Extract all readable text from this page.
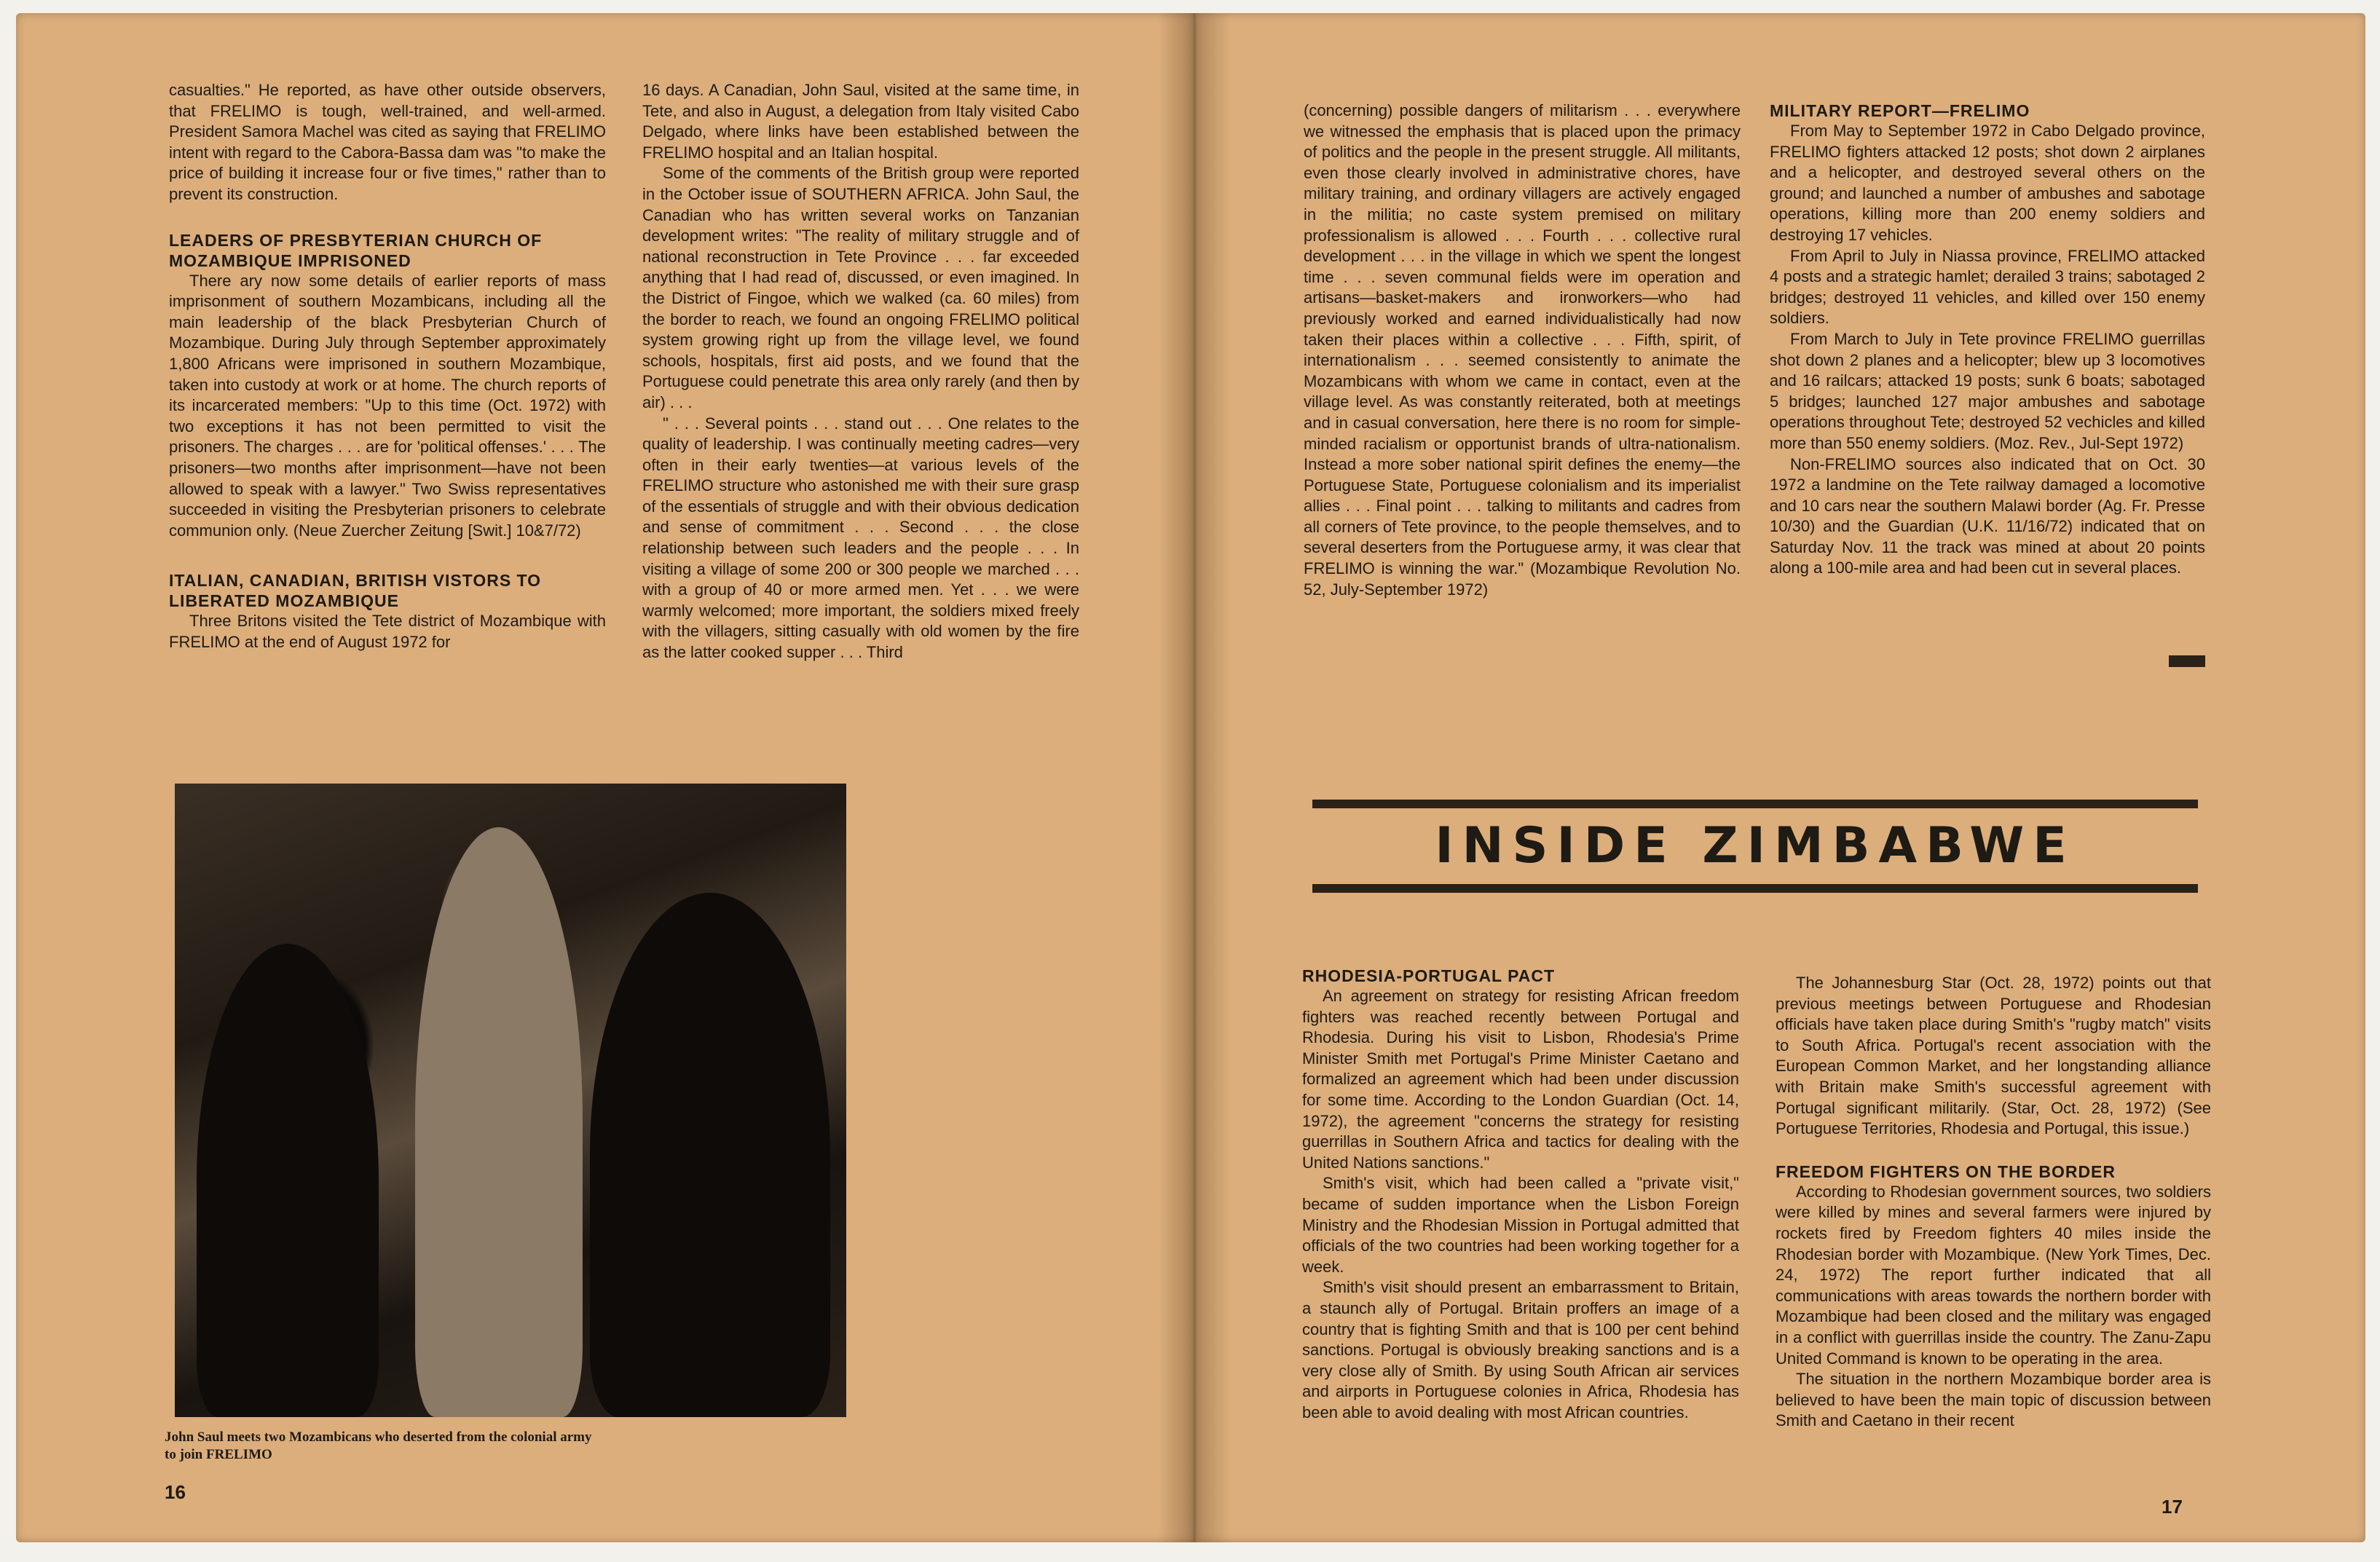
casualties." He reported, as have other outside observers, that FRELIMO is tough, well-trained, and well-armed. President Samora Machel was cited as saying that FRELIMO intent with regard to the Cabora-Bassa dam was "to make the price of building it increase four or five times," rather than to prevent its construction.

LEADERS OF PRESBYTERIAN CHURCH OF MOZAMBIQUE IMPRISONED

There ary now some details of earlier reports of mass imprisonment of southern Mozambicans, including all the main leadership of the black Presbyterian Church of Mozambique. During July through September approximately 1,800 Africans were imprisoned in southern Mozambique, taken into custody at work or at home. The church reports of its incarcerated members: "Up to this time (Oct. 1972) with two exceptions it has not been permitted to visit the prisoners. The charges . . . are for 'political offenses.' . . . The prisoners—two months after imprisonment—have not been allowed to speak with a lawyer." Two Swiss representatives succeeded in visiting the Presbyterian prisoners to celebrate communion only. (Neue Zuercher Zeitung [Swit.] 10&7/72)

ITALIAN, CANADIAN, BRITISH VISTORS TO LIBERATED MOZAMBIQUE

Three Britons visited the Tete district of Mozambique with FRELIMO at the end of August 1972 for

16 days. A Canadian, John Saul, visited at the same time, in Tete, and also in August, a delegation from Italy visited Cabo Delgado, where links have been established between the FRELIMO hospital and an Italian hospital.

Some of the comments of the British group were reported in the October issue of SOUTHERN AFRICA. John Saul, the Canadian who has written several works on Tanzanian development writes: "The reality of military struggle and of national reconstruction in Tete Province . . . far exceeded anything that I had read of, discussed, or even imagined. In the District of Fingoe, which we walked (ca. 60 miles) from the border to reach, we found an ongoing FRELIMO political system growing right up from the village level, we found schools, hospitals, first aid posts, and we found that the Portuguese could penetrate this area only rarely (and then by air) . . .

" . . . Several points . . . stand out . . . One relates to the quality of leadership. I was continually meeting cadres—very often in their early twenties—at various levels of the FRELIMO structure who astonished me with their sure grasp of the essentials of struggle and with their obvious dedication and sense of commitment . . . Second . . . the close relationship between such leaders and the people . . . In visiting a village of some 200 or 300 people we marched . . . with a group of 40 or more armed men. Yet . . . we were warmly welcomed; more important, the soldiers mixed freely with the villagers, sitting casually with old women by the fire as the latter cooked supper . . . Third

John Saul meets two Mozambicans who deserted from the colonial army to join FRELIMO
16

(concerning) possible dangers of militarism . . . everywhere we witnessed the emphasis that is placed upon the primacy of politics and the people in the present struggle. All militants, even those clearly involved in administrative chores, have military training, and ordinary villagers are actively engaged in the militia; no caste system premised on military professionalism is allowed . . . Fourth . . . collective rural development . . . in the village in which we spent the longest time . . . seven communal fields were im operation and artisans—basket-makers and ironworkers—who had previously worked and earned individualistically had now taken their places within a collective . . . Fifth, spirit, of internationalism . . . seemed consistently to animate the Mozambicans with whom we came in contact, even at the village level. As was constantly reiterated, both at meetings and in casual conversation, here there is no room for simple-minded racialism or opportunist brands of ultra-nationalism. Instead a more sober national spirit defines the enemy—the Portuguese State, Portuguese colonialism and its imperialist allies . . . Final point . . . talking to militants and cadres from all corners of Tete province, to the people themselves, and to several deserters from the Portuguese army, it was clear that FRELIMO is winning the war." (Mozambique Revolution No. 52, July-September 1972)

MILITARY REPORT—FRELIMO

From May to September 1972 in Cabo Delgado province, FRELIMO fighters attacked 12 posts; shot down 2 airplanes and a helicopter, and destroyed several others on the ground; and launched a number of ambushes and sabotage operations, killing more than 200 enemy soldiers and destroying 17 vehicles.

From April to July in Niassa province, FRELIMO attacked 4 posts and a strategic hamlet; derailed 3 trains; sabotaged 2 bridges; destroyed 11 vehicles, and killed over 150 enemy soldiers.

From March to July in Tete province FRELIMO guerrillas shot down 2 planes and a helicopter; blew up 3 locomotives and 16 railcars; attacked 19 posts; sunk 6 boats; sabotaged 5 bridges; launched 127 major ambushes and sabotage operations throughout Tete; destroyed 52 vechicles and killed more than 550 enemy soldiers. (Moz. Rev., Jul-Sept 1972)

Non-FRELIMO sources also indicated that on Oct. 30 1972 a landmine on the Tete railway damaged a locomotive and 10 cars near the southern Malawi border (Ag. Fr. Presse 10/30) and the Guardian (U.K. 11/16/72) indicated that on Saturday Nov. 11 the track was mined at about 20 points along a 100-mile area and had been cut in several places.

INSIDE ZIMBABWE
RHODESIA-PORTUGAL PACT

An agreement on strategy for resisting African freedom fighters was reached recently between Portugal and Rhodesia. During his visit to Lisbon, Rhodesia's Prime Minister Smith met Portugal's Prime Minister Caetano and formalized an agreement which had been under discussion for some time. According to the London Guardian (Oct. 14, 1972), the agreement "concerns the strategy for resisting guerrillas in Southern Africa and tactics for dealing with the United Nations sanctions."

Smith's visit, which had been called a "private visit," became of sudden importance when the Lisbon Foreign Ministry and the Rhodesian Mission in Portugal admitted that officials of the two countries had been working together for a week.

Smith's visit should present an embarrassment to Britain, a staunch ally of Portugal. Britain proffers an image of a country that is fighting Smith and that is 100 per cent behind sanctions. Portugal is obviously breaking sanctions and is a very close ally of Smith. By using South African air services and airports in Portuguese colonies in Africa, Rhodesia has been able to avoid dealing with most African countries.

The Johannesburg Star (Oct. 28, 1972) points out that previous meetings between Portuguese and Rhodesian officials have taken place during Smith's "rugby match" visits to South Africa. Portugal's recent association with the European Common Market, and her longstanding alliance with Britain make Smith's successful agreement with Portugal significant militarily. (Star, Oct. 28, 1972) (See Portuguese Territories, Rhodesia and Portugal, this issue.)

FREEDOM FIGHTERS ON THE BORDER

According to Rhodesian government sources, two soldiers were killed by mines and several farmers were injured by rockets fired by Freedom fighters 40 miles inside the Rhodesian border with Mozambique. (New York Times, Dec. 24, 1972) The report further indicated that all communications with areas towards the northern border with Mozambique had been closed and the military was engaged in a conflict with guerrillas inside the country. The Zanu-Zapu United Command is known to be operating in the area.

The situation in the northern Mozambique border area is believed to have been the main topic of discussion between Smith and Caetano in their recent

17
